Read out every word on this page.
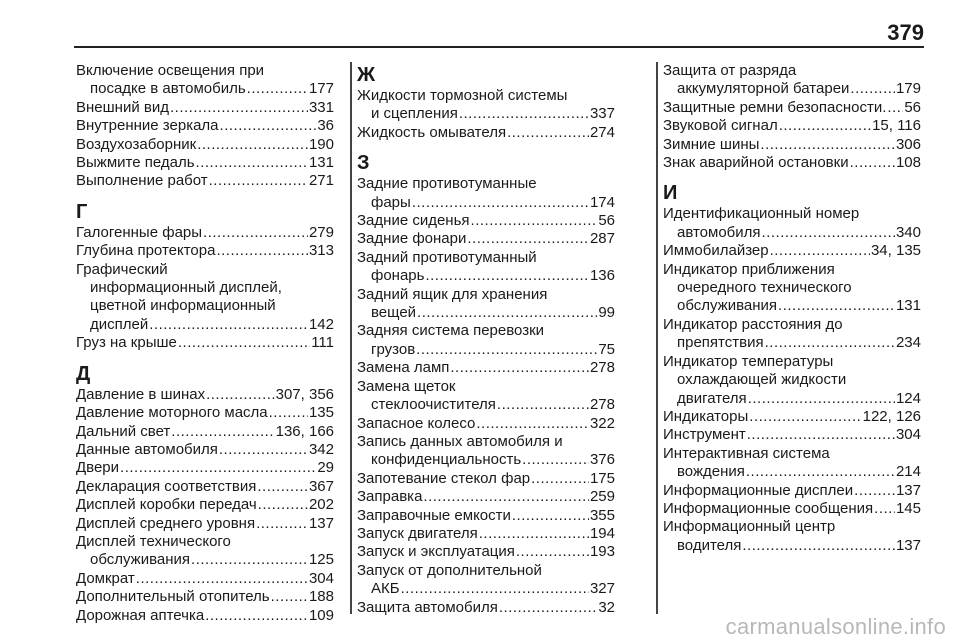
379
Включение освещения при
посадке в автомобиль .....	177
Внешний вид .....	331
Внутренние зеркала .....	36
Воздухозаборник .....	190
Выжмите педаль .....	131
Выполнение работ .....	271
Г
Галогенные фары .....	279
Глубина протектора .....	313
Графический
информационный дисплей,
цветной информационный
дисплей .....	142
Груз на крыше .....	111
Д
Давление в шинах .....	307, 356
Давление моторного масла .....	135
Дальний свет .....	136, 166
Данные автомобиля .....	342
Двери .....	29
Декларация соответствия .....	367
Дисплей коробки передач .....	202
Дисплей среднего уровня .....	137
Дисплей технического
обслуживания .....	125
Домкрат .....	304
Дополнительный отопитель .....	188
Дорожная аптечка .....	109
Ж
Жидкости тормозной системы
и сцепления .....	337
Жидкость омывателя .....	274
З
Задние противотуманные
фары .....	174
Задние сиденья .....	56
Задние фонари .....	287
Задний противотуманный
фонарь .....	136
Задний ящик для хранения
вещей .....	99
Задняя система перевозки
грузов .....	75
Замена ламп .....	278
Замена щеток
стеклоочистителя .....	278
Запасное колесо .....	322
Запись данных автомобиля и
конфиденциальность .....	376
Запотевание стекол фар .....	175
Заправка .....	259
Заправочные емкости .....	355
Запуск двигателя .....	194
Запуск и эксплуатация .....	193
Запуск от дополнительной
АКБ .....	327
Защита автомобиля .....	32
Защита от разряда
аккумуляторной батареи .....	179
Защитные ремни безопасности. ..... 56
Звуковой сигнал .....	15, 116
Зимние шины .....	306
Знак аварийной остановки .....	108
И
Идентификационный номер
автомобиля .....	340
Иммобилайзер .....	34, 135
Индикатор приближения
очередного технического
обслуживания .....	131
Индикатор расстояния до
препятствия .....	234
Индикатор температуры
охлаждающей жидкости
двигателя .....	124
Индикаторы .....	122, 126
Инструмент .....	304
Интерактивная система
вождения .....	214
Информационные дисплеи .....	137
Информационные сообщения ..... 145
Информационный центр
водителя .....	137
carmanualsonline.info
